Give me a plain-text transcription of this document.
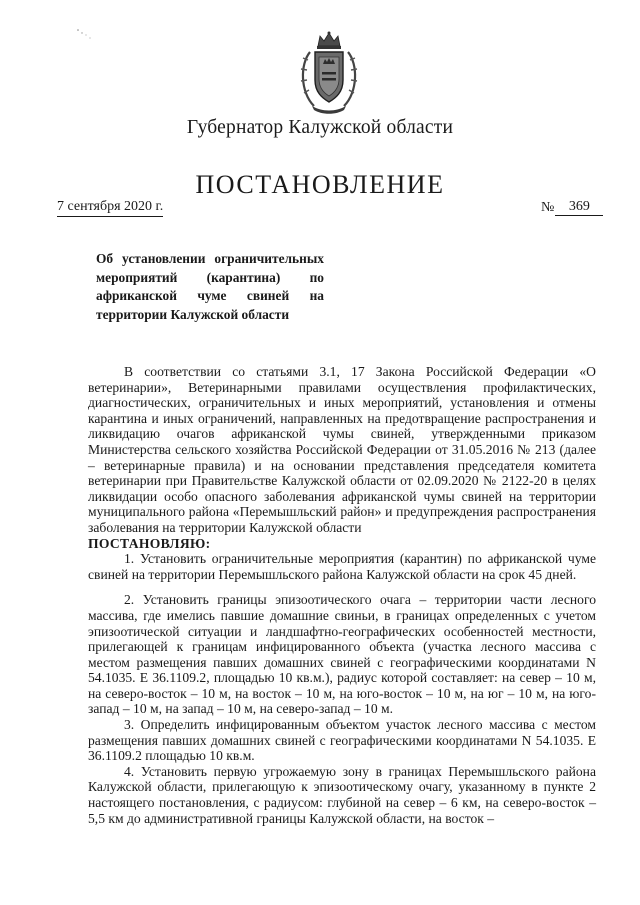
Губернатор Калужской области
ПОСТАНОВЛЕНИЕ
7 сентября 2020 г.	№	369
Об установлении ограничительных мероприятий (карантина) по африканской чуме свиней на территории Калужской области

В соответствии со статьями 3.1, 17 Закона Российской Федерации «О ветеринарии», Ветеринарными правилами осуществления профилактических, диагностических, ограничительных и иных мероприятий, установления и отмены карантина и иных ограничений, направленных на предотвращение распространения и ликвидацию очагов африканской чумы свиней, утвержденными приказом Министерства сельского хозяйства Российской Федерации от 31.05.2016 № 213 (далее – ветеринарные правила) и на основании представления председателя комитета ветеринарии при Правительстве Калужской области от 02.09.2020 № 2122-20 в целях ликвидации особо опасного заболевания африканской чумы свиней на территории муниципального района «Перемышльский район» и предупреждения распространения заболевания на территории Калужской области

ПОСТАНОВЛЯЮ:

1. Установить ограничительные мероприятия (карантин) по африканской чуме свиней на территории Перемышльского района Калужской области на срок 45 дней.

2. Установить границы эпизоотического очага – территории части лесного массива, где имелись павшие домашние свиньи, в границах определенных с учетом эпизоотической ситуации и ландшафтно-географических особенностей местности, прилегающей к границам инфицированного объекта (участка лесного массива с местом размещения павших домашних свиней с географическими координатами N 54.1035. E 36.1109.2, площадью 10 кв.м.), радиус которой составляет: на север – 10 м, на северо-восток – 10 м, на восток – 10 м, на юго-восток – 10 м, на юг – 10 м, на юго-запад – 10 м, на запад – 10 м, на северо-запад – 10 м.

3. Определить инфицированным объектом участок лесного массива с местом размещения павших домашних свиней с географическими координатами N 54.1035. E 36.1109.2 площадью 10 кв.м.

4. Установить первую угрожаемую зону в границах Перемышльского района Калужской области, прилегающую к эпизоотическому очагу, указанному в пункте 2 настоящего постановления, с радиусом: глубиной на север – 6 км, на северо-восток – 5,5 км до административной границы Калужской области, на восток –
